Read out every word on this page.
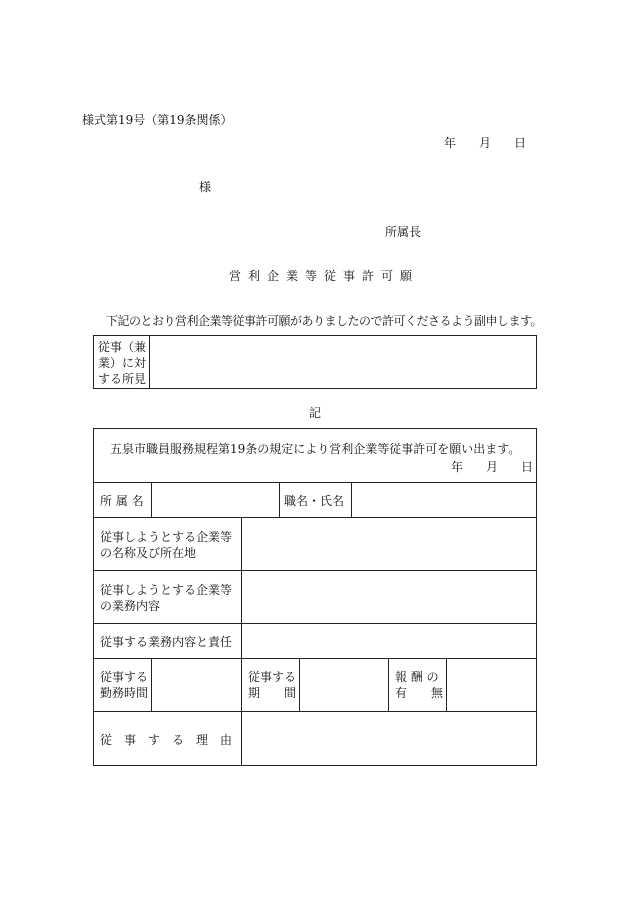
様式第19号（第19条関係）
年 月 日
様
所属長
営利企業等従事許可願
下記のとおり営利企業等従事許可願がありましたので許可くださるよう副申します。
従事（兼
業）に対
する所見
記
五泉市職員服務規程第19条の規定により営利企業等従事許可を願い出ます。
年 月 日
所 属 名	職名・氏名
従事しようとする企業等
の名称及び所在地
従事しようとする企業等
の業務内容
従事する業務内容と責任
従事する
勤務時間
従事する
期　　間
報 酬 の
有　　無
従　事　す　る　理　由
